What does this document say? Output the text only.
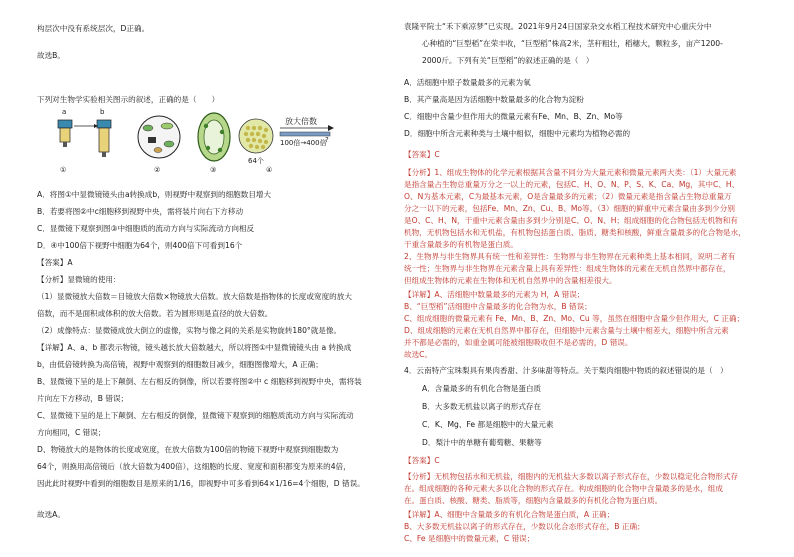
构层次中没有系统层次，D正确。
故选B。
下列对生物学实验相关图示的叙述，正确的是（　　）
a	b
①	②	③	④
放大倍数
100倍→400倍
64个
?
A．将图①中显微镜镜头由a转换成b，则视野中观察到的细胞数目增大
B．若要将图②中c细胞移到视野中央，需将装片向右下方移动
C．显微镜下观察到图③中细胞质的流动方向与实际流动方向相反
D．④中100倍下视野中细胞为64个，则400倍下可看到16个
【答案】A
【分析】显微镜的使用：
（1）显微镜放大倍数＝目镜放大倍数×物镜放大倍数。放大倍数是指物体的长度或宽度的放大
倍数，而不是面积或体积的放大倍数。若为圆形则是直径的放大倍数。
（2）成像特点：显微镜成放大倒立的虚像，实物与像之间的关系是实物旋转180°就是像。
【详解】A、a、b 都表示物镜，镜头越长放大倍数越大，所以将图①中显微镜镜头由 a 转换成
b，由低倍镜转换为高倍镜，视野中观察到的细胞数目减少，细胞图像增大，A 正确；
B、显微镜下呈的是上下颠倒、左右相反的倒像，所以若要将图②中 c 细胞移到视野中央，需将装
片向左下方移动，B 错误；
C、显微镜下呈的是上下颠倒、左右相反的倒像，显微镜下观察到的细胞质流动方向与实际流动
方向相同，C 错误；
D、物镜放大的是物体的长度或宽度，在放大倍数为100倍的物镜下视野中观察到细胞数为
64个，则换用高倍镜后（放大倍数为400倍），这细胞的长度、宽度和面积都变为原来的4倍，
因此此时视野中看到的细胞数目是原来的1/16，即视野中可多看到64×1/16=4个细胞，D 错误。
故选A。
袁隆平院士“禾下乘凉梦”已实现。2021年9月24日国家杂交水稻工程技术研究中心重庆分中
心种植的“巨型稻”在荣丰收，“巨型稻”株高2米，茎秆粗壮，稻穗大，颗粒多，亩产1200-
2000斤。下列有关“巨型稻”的叙述正确的是（　）
A．活细胞中原子数量最多的元素为氧
B．其产量高是因为活细胞中数量最多的化合物为淀粉
C．细胞中含量少但作用大的微量元素有Fe、Mn、B、Zn、Mo等
D．细胞中所含元素种类与土壤中相似，细胞中元素均为植物必需的
【答案】C
【分析】1、组成生物体的化学元素根据其含量不同分为大量元素和微量元素两大类：（1）大量元素
是指含量占生物总重量万分之一以上的元素，包括C、H、O、N、P、S、K、Ca、Mg，其中C、H、
O、N为基本元素，C为最基本元素，O是含量最多的元素；（2）微量元素是指含量占生物总重量万
分之一以下的元素，包括Fe、Mn、Zn、Cu、B、Mo等。（3）细胞的鲜重中元素含量由多到少分别
是O、C、H、N，干重中元素含量由多到少分别是C、O、N、H；组成细胞的化合物包括无机物和有
机物，无机物包括水和无机盐，有机物包括蛋白质、脂质、糖类和核酸，鲜重含量最多的化合物是水，
干重含量最多的有机物是蛋白质。
2、生物界与非生物界具有统一性和差异性：生物界与非生物界在元素种类上基本相同，说明二者有
统一性；生物界与非生物界在元素含量上具有差异性：组成生物体的元素在无机自然界中都存在，
但组成生物体的元素在生物体和无机自然界中的含量相差很大。
【详解】A、活细胞中数量最多的元素为 H，A 错误；
B、“巨型稻”活细胞中含量最多的化合物为水，B 错误；
C、组成细胞的微量元素有 Fe、Mn、B、Zn、Mo、Cu 等，虽然在细胞中含量少但作用大，C 正确；
D、组成细胞的元素在无机自然界中都存在，但细胞中元素含量与土壤中相差大，细胞中所含元素
并不都是必需的，如重金属可能被细胞吸收但不是必需的，D 错误。
故选C。
4．云南特产宝珠梨具有果肉香甜、汁多味甜等特点。关于梨肉细胞中物质的叙述错误的是（　）
A．含量最多的有机化合物是蛋白质
B．大多数无机盐以离子的形式存在
C．K、Mg、Fe 都是细胞中的大量元素
D．梨汁中的单糖有葡萄糖、果糖等
【答案】C
【分析】无机物包括水和无机盐，细胞内的无机盐大多数以离子形式存在，少数以稳定化合物形式存
在。组成细胞的各种元素大多以化合物的形式存在。构成细胞的化合物中含量最多的是水，组成
在。蛋白质、核酸、糖类、脂质等，细胞内含量最多的有机化合物为蛋白质。
【详解】A、细胞中含量最多的有机化合物是蛋白质，A 正确；
B、大多数无机盐以离子的形式存在，少数以化合态形式存在，B 正确；
C、Fe 是细胞中的微量元素，C 错误；
